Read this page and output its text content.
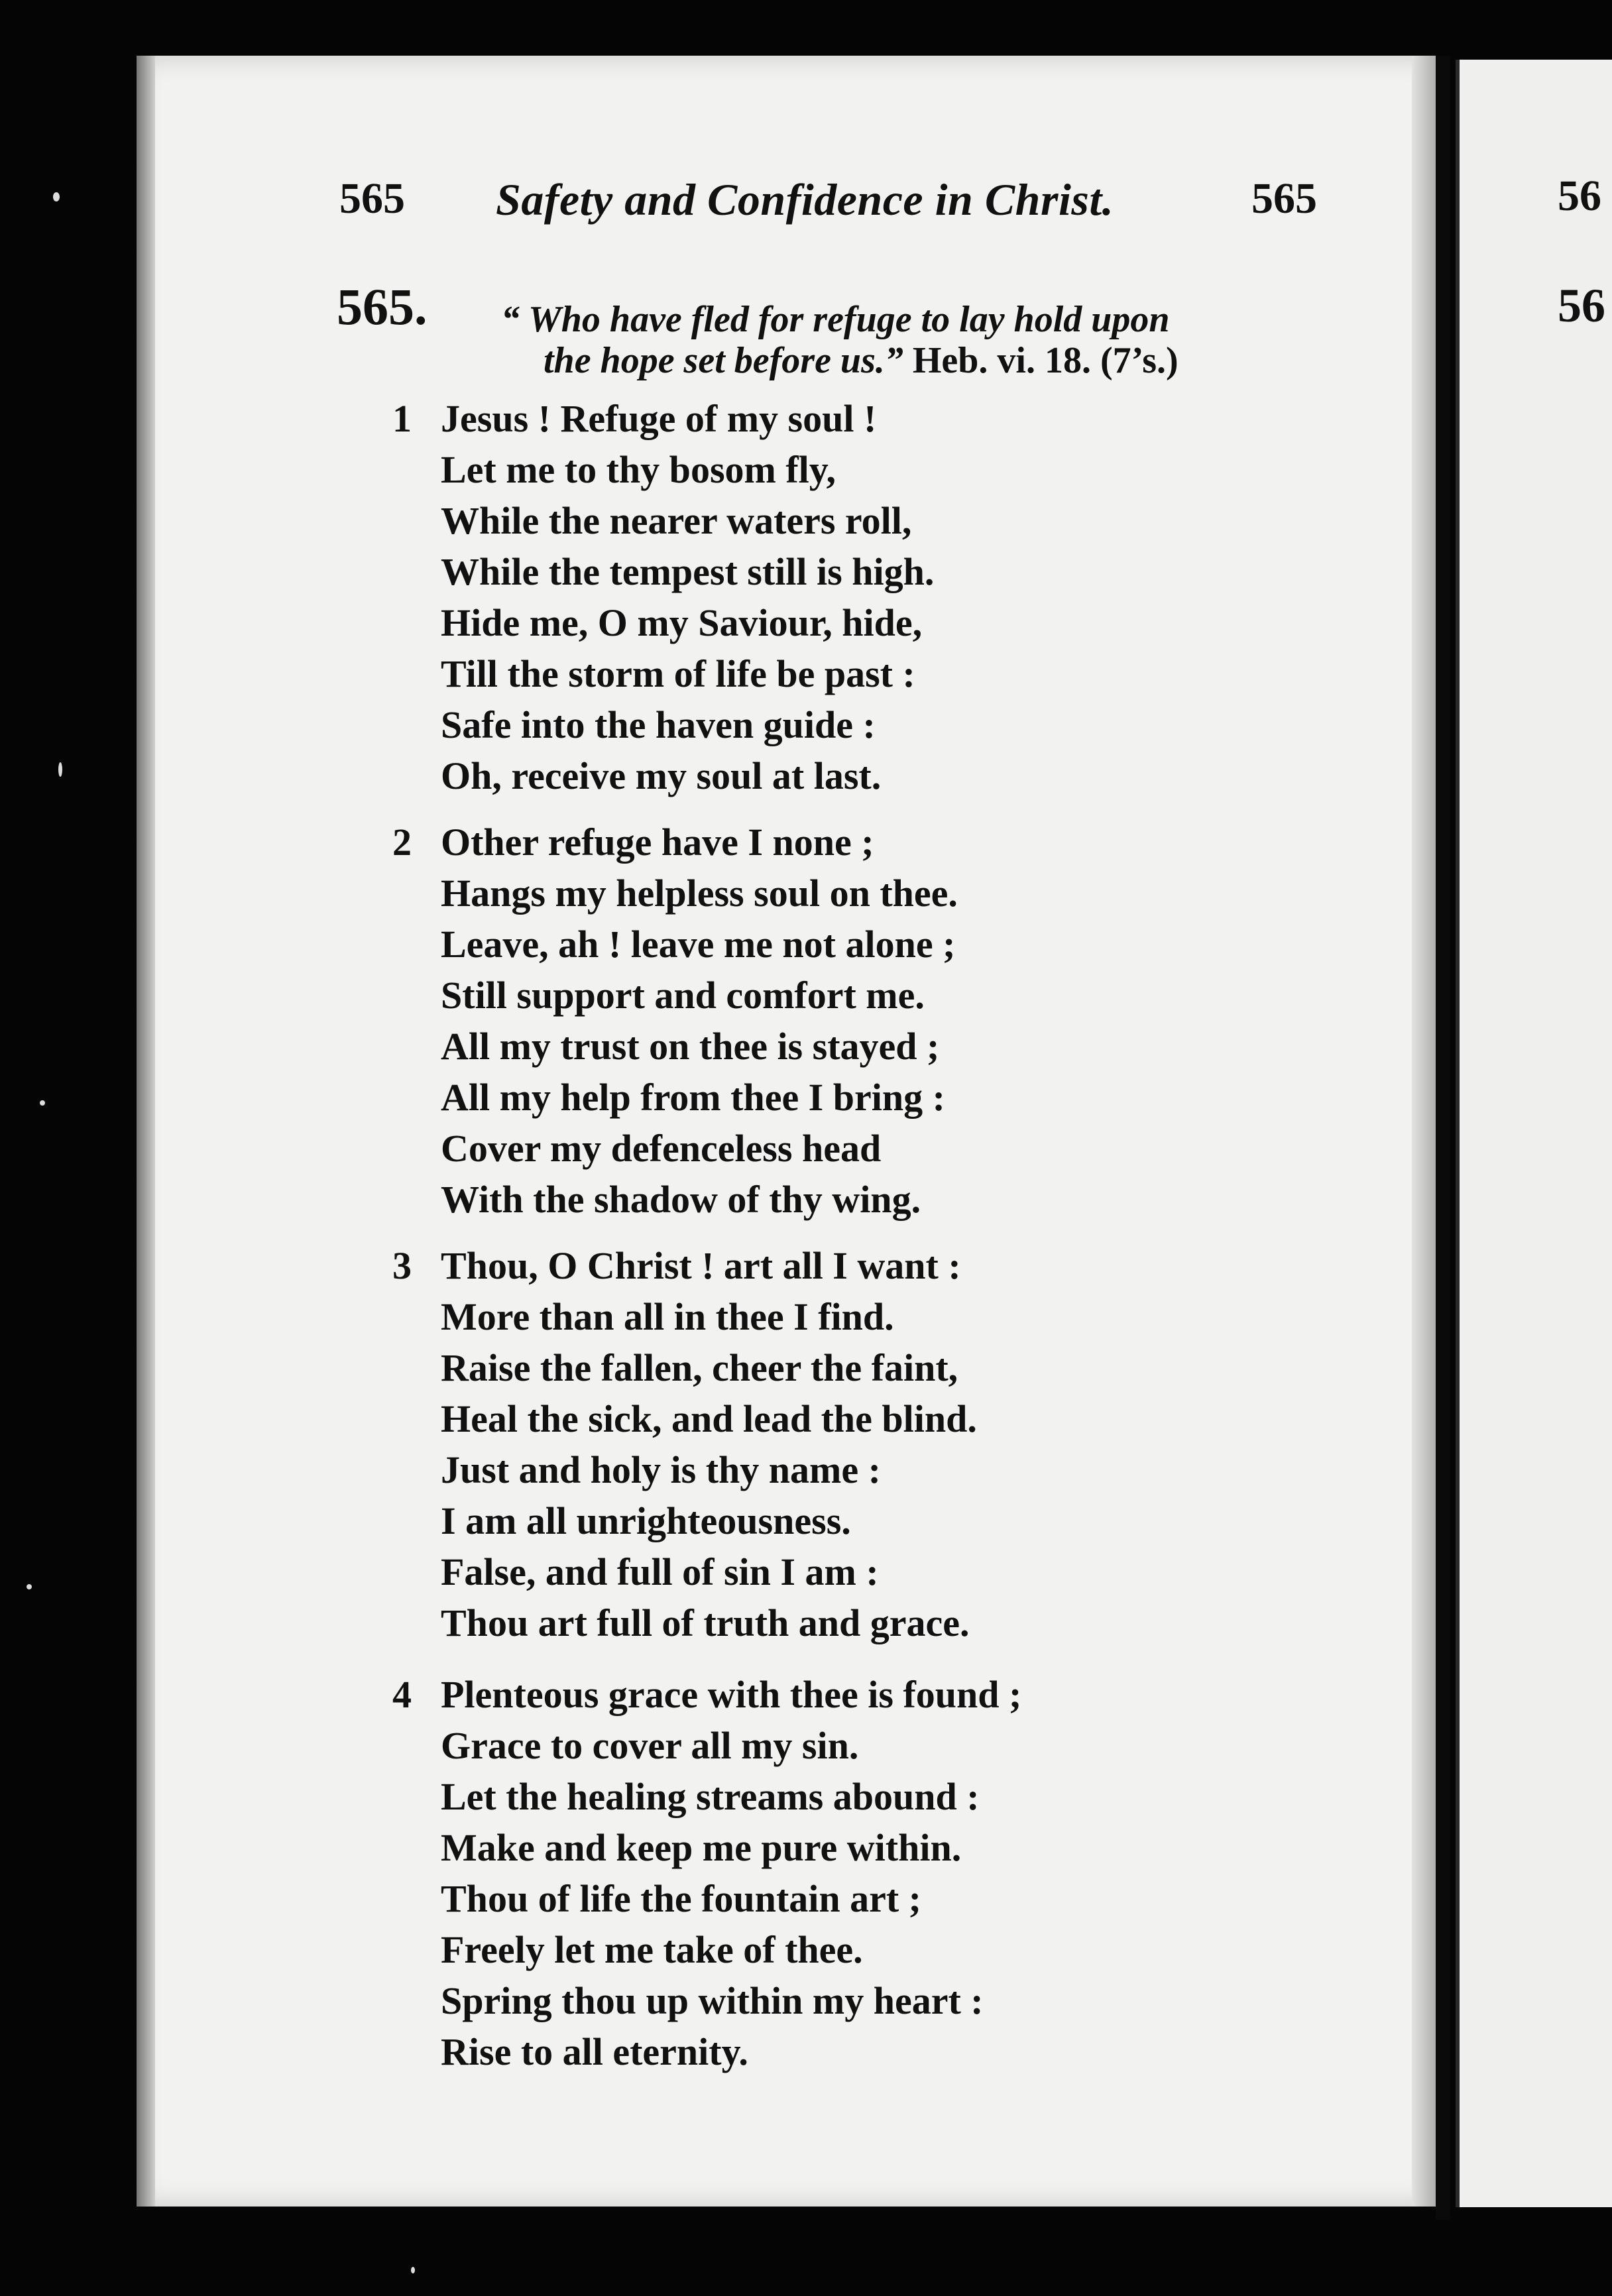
56
56

565 Safety and Confidence in Christ.	565
565. “ Who have fled for refuge to lay hold upon
the hope set before us.” Heb. vi. 18. (7’s.)
1 Jesus ! Refuge of my soul !
Let me to thy bosom fly,
While the nearer waters roll,
While the tempest still is high.
Hide me, O my Saviour, hide,
Till the storm of life be past :
Safe into the haven guide :
Oh, receive my soul at last.
2 Other refuge have I none ;
Hangs my helpless soul on thee.
Leave, ah ! leave me not alone ;
Still support and comfort me.
All my trust on thee is stayed ;
All my help from thee I bring :
Cover my defenceless head
With the shadow of thy wing.
3 Thou, O Christ ! art all I want :
More than all in thee I find.
Raise the fallen, cheer the faint,
Heal the sick, and lead the blind.
Just and holy is thy name :
I am all unrighteousness.
False, and full of sin I am :
Thou art full of truth and grace.
4 Plenteous grace with thee is found ;
Grace to cover all my sin.
Let the healing streams abound :
Make and keep me pure within.
Thou of life the fountain art ;
Freely let me take of thee.
Spring thou up within my heart :
Rise to all eternity.
